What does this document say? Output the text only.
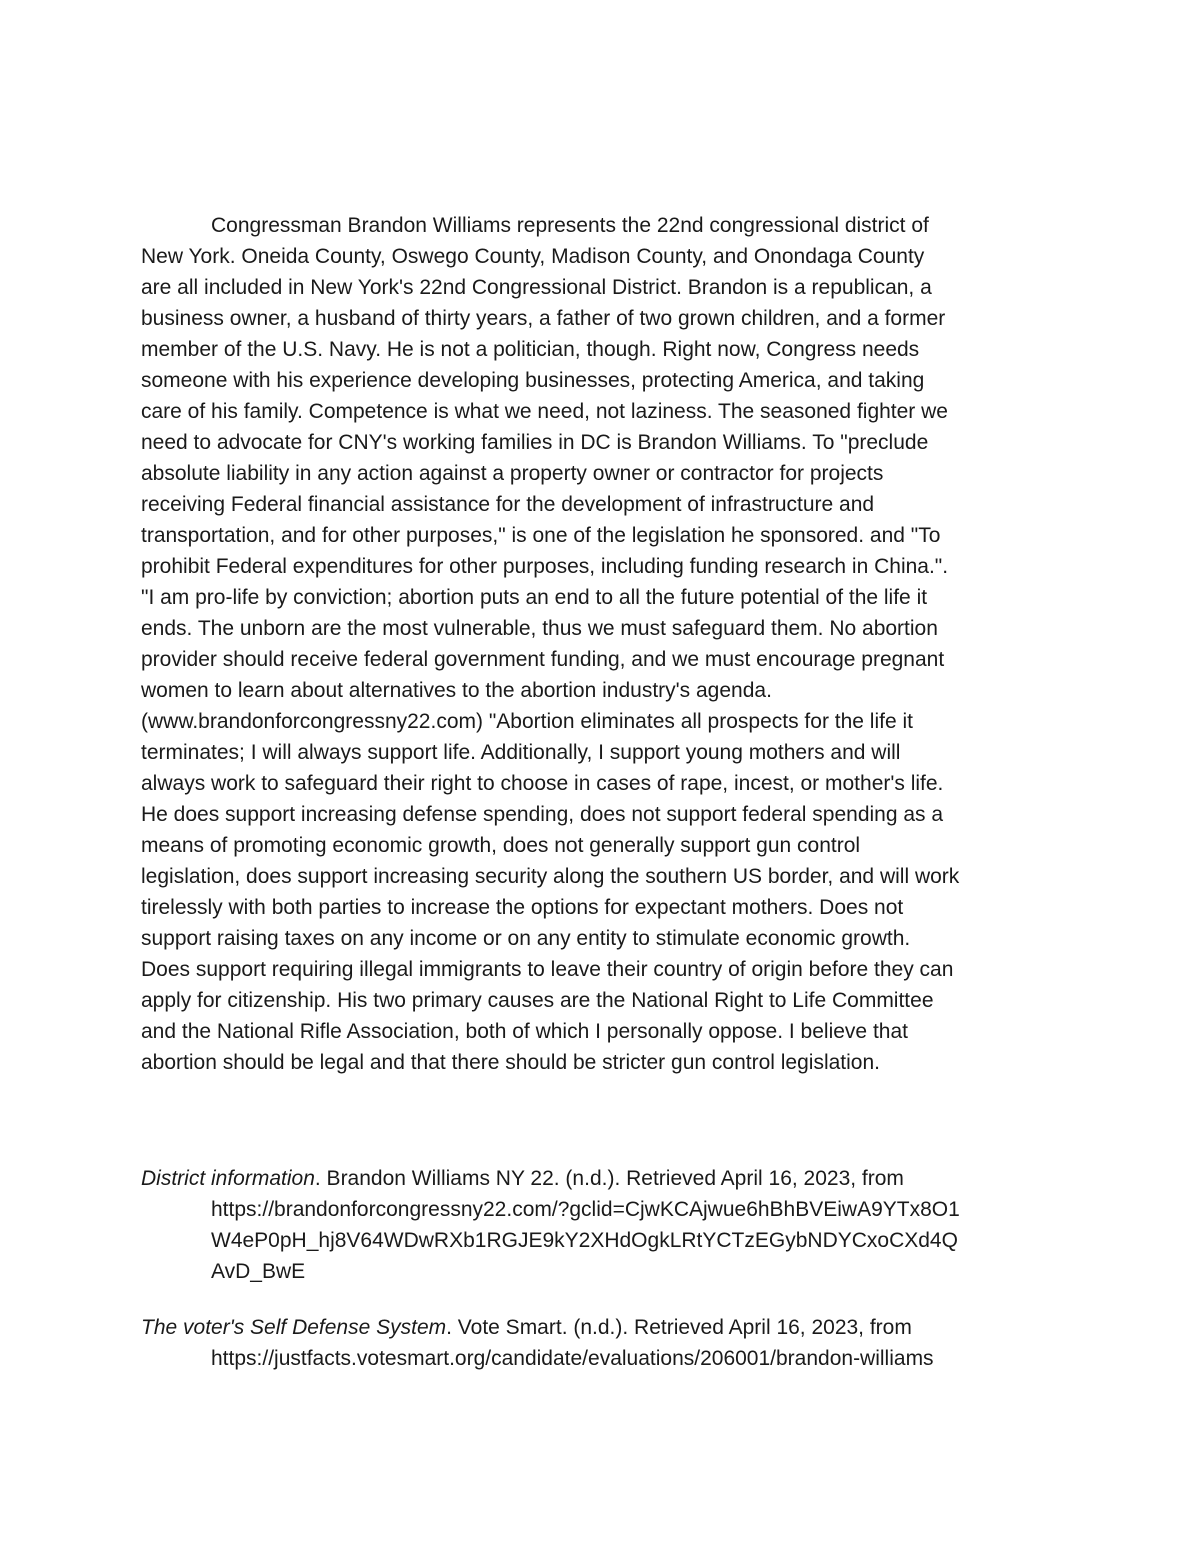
Congressman Brandon Williams represents the 22nd congressional district of
New York. Oneida County, Oswego County, Madison County, and Onondaga County
are all included in New York's 22nd Congressional District. Brandon is a republican, a
business owner, a husband of thirty years, a father of two grown children, and a former
member of the U.S. Navy. He is not a politician, though. Right now, Congress needs
someone with his experience developing businesses, protecting America, and taking
care of his family. Competence is what we need, not laziness. The seasoned fighter we
need to advocate for CNY's working families in DC is Brandon Williams. To "preclude
absolute liability in any action against a property owner or contractor for projects
receiving Federal financial assistance for the development of infrastructure and
transportation, and for other purposes," is one of the legislation he sponsored. and "To
prohibit Federal expenditures for other purposes, including funding research in China.".
"I am pro-life by conviction; abortion puts an end to all the future potential of the life it
ends. The unborn are the most vulnerable, thus we must safeguard them. No abortion
provider should receive federal government funding, and we must encourage pregnant
women to learn about alternatives to the abortion industry's agenda.
(www.brandonforcongressny22.com) "Abortion eliminates all prospects for the life it
terminates; I will always support life. Additionally, I support young mothers and will
always work to safeguard their right to choose in cases of rape, incest, or mother's life.
He does support increasing defense spending, does not support federal spending as a
means of promoting economic growth, does not generally support gun control
legislation, does support increasing security along the southern US border, and will work
tirelessly with both parties to increase the options for expectant mothers. Does not
support raising taxes on any income or on any entity to stimulate economic growth.
Does support requiring illegal immigrants to leave their country of origin before they can
apply for citizenship. His two primary causes are the National Right to Life Committee
and the National Rifle Association, both of which I personally oppose. I believe that
abortion should be legal and that there should be stricter gun control legislation.
District information. Brandon Williams NY 22. (n.d.). Retrieved April 16, 2023, from
https://brandonforcongressny22.com/?gclid=CjwKCAjwue6hBhBVEiwA9YTx8O1
W4eP0pH_hj8V64WDwRXb1RGJE9kY2XHdOgkLRtYCTzEGybNDYCxoCXd4Q
AvD_BwE
The voter's Self Defense System. Vote Smart. (n.d.). Retrieved April 16, 2023, from
https://justfacts.votesmart.org/candidate/evaluations/206001/brandon-williams
